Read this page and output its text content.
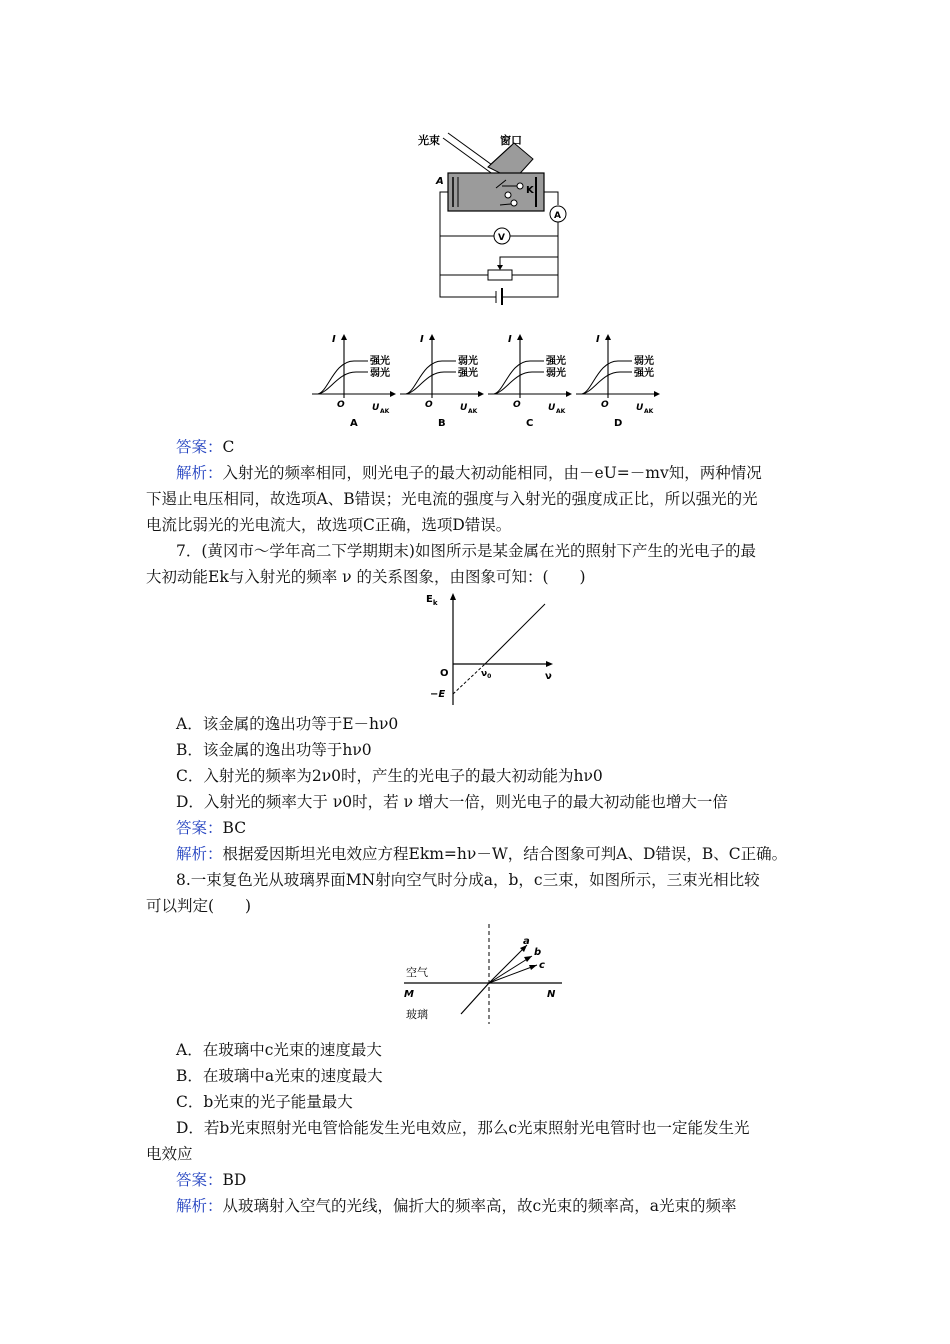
光束	窗口
A
K
A
V
I
O	U AK
强光
弱光
A
I
O	U AK
弱光
强光
B
I
O	U AK
强光
弱光
C
I
O	U AK
弱光
强光
D
答案：C
解析：入射光的频率相同，则光电子的最大初动能相同，由－eU=－mv知，两种情况
下遏止电压相同，故选项A、B错误；光电流的强度与入射光的强度成正比，所以强光的光
电流比弱光的光电流大，故选项C正确，选项D错误。
7．(黄冈市～学年高二下学期期末)如图所示是某金属在光的照射下产生的光电子的最
大初动能Ek与入射光的频率 ν 的关系图象，由图象可知：(　　)
$E_k$
ν
O	$\nu_0$
−E
A．该金属的逸出功等于E－hν0
B．该金属的逸出功等于hν0
C．入射光的频率为2ν0时，产生的光电子的最大初动能为hν0
D．入射光的频率大于 ν0时，若 ν 增大一倍，则光电子的最大初动能也增大一倍
答案：BC
解析：根据爱因斯坦光电效应方程Ekm=hν－W，结合图象可判A、D错误，B、C正确。
8.一束复色光从玻璃界面MN射向空气时分成a，b，c三束，如图所示，三束光相比较
可以判定(　　)
空气
M	N
玻璃
a
b
c
A．在玻璃中c光束的速度最大
B．在玻璃中a光束的速度最大
C．b光束的光子能量最大
D．若b光束照射光电管恰能发生光电效应，那么c光束照射光电管时也一定能发生光
电效应
答案：BD
解析：从玻璃射入空气的光线，偏折大的频率高，故c光束的频率高，a光束的频率
